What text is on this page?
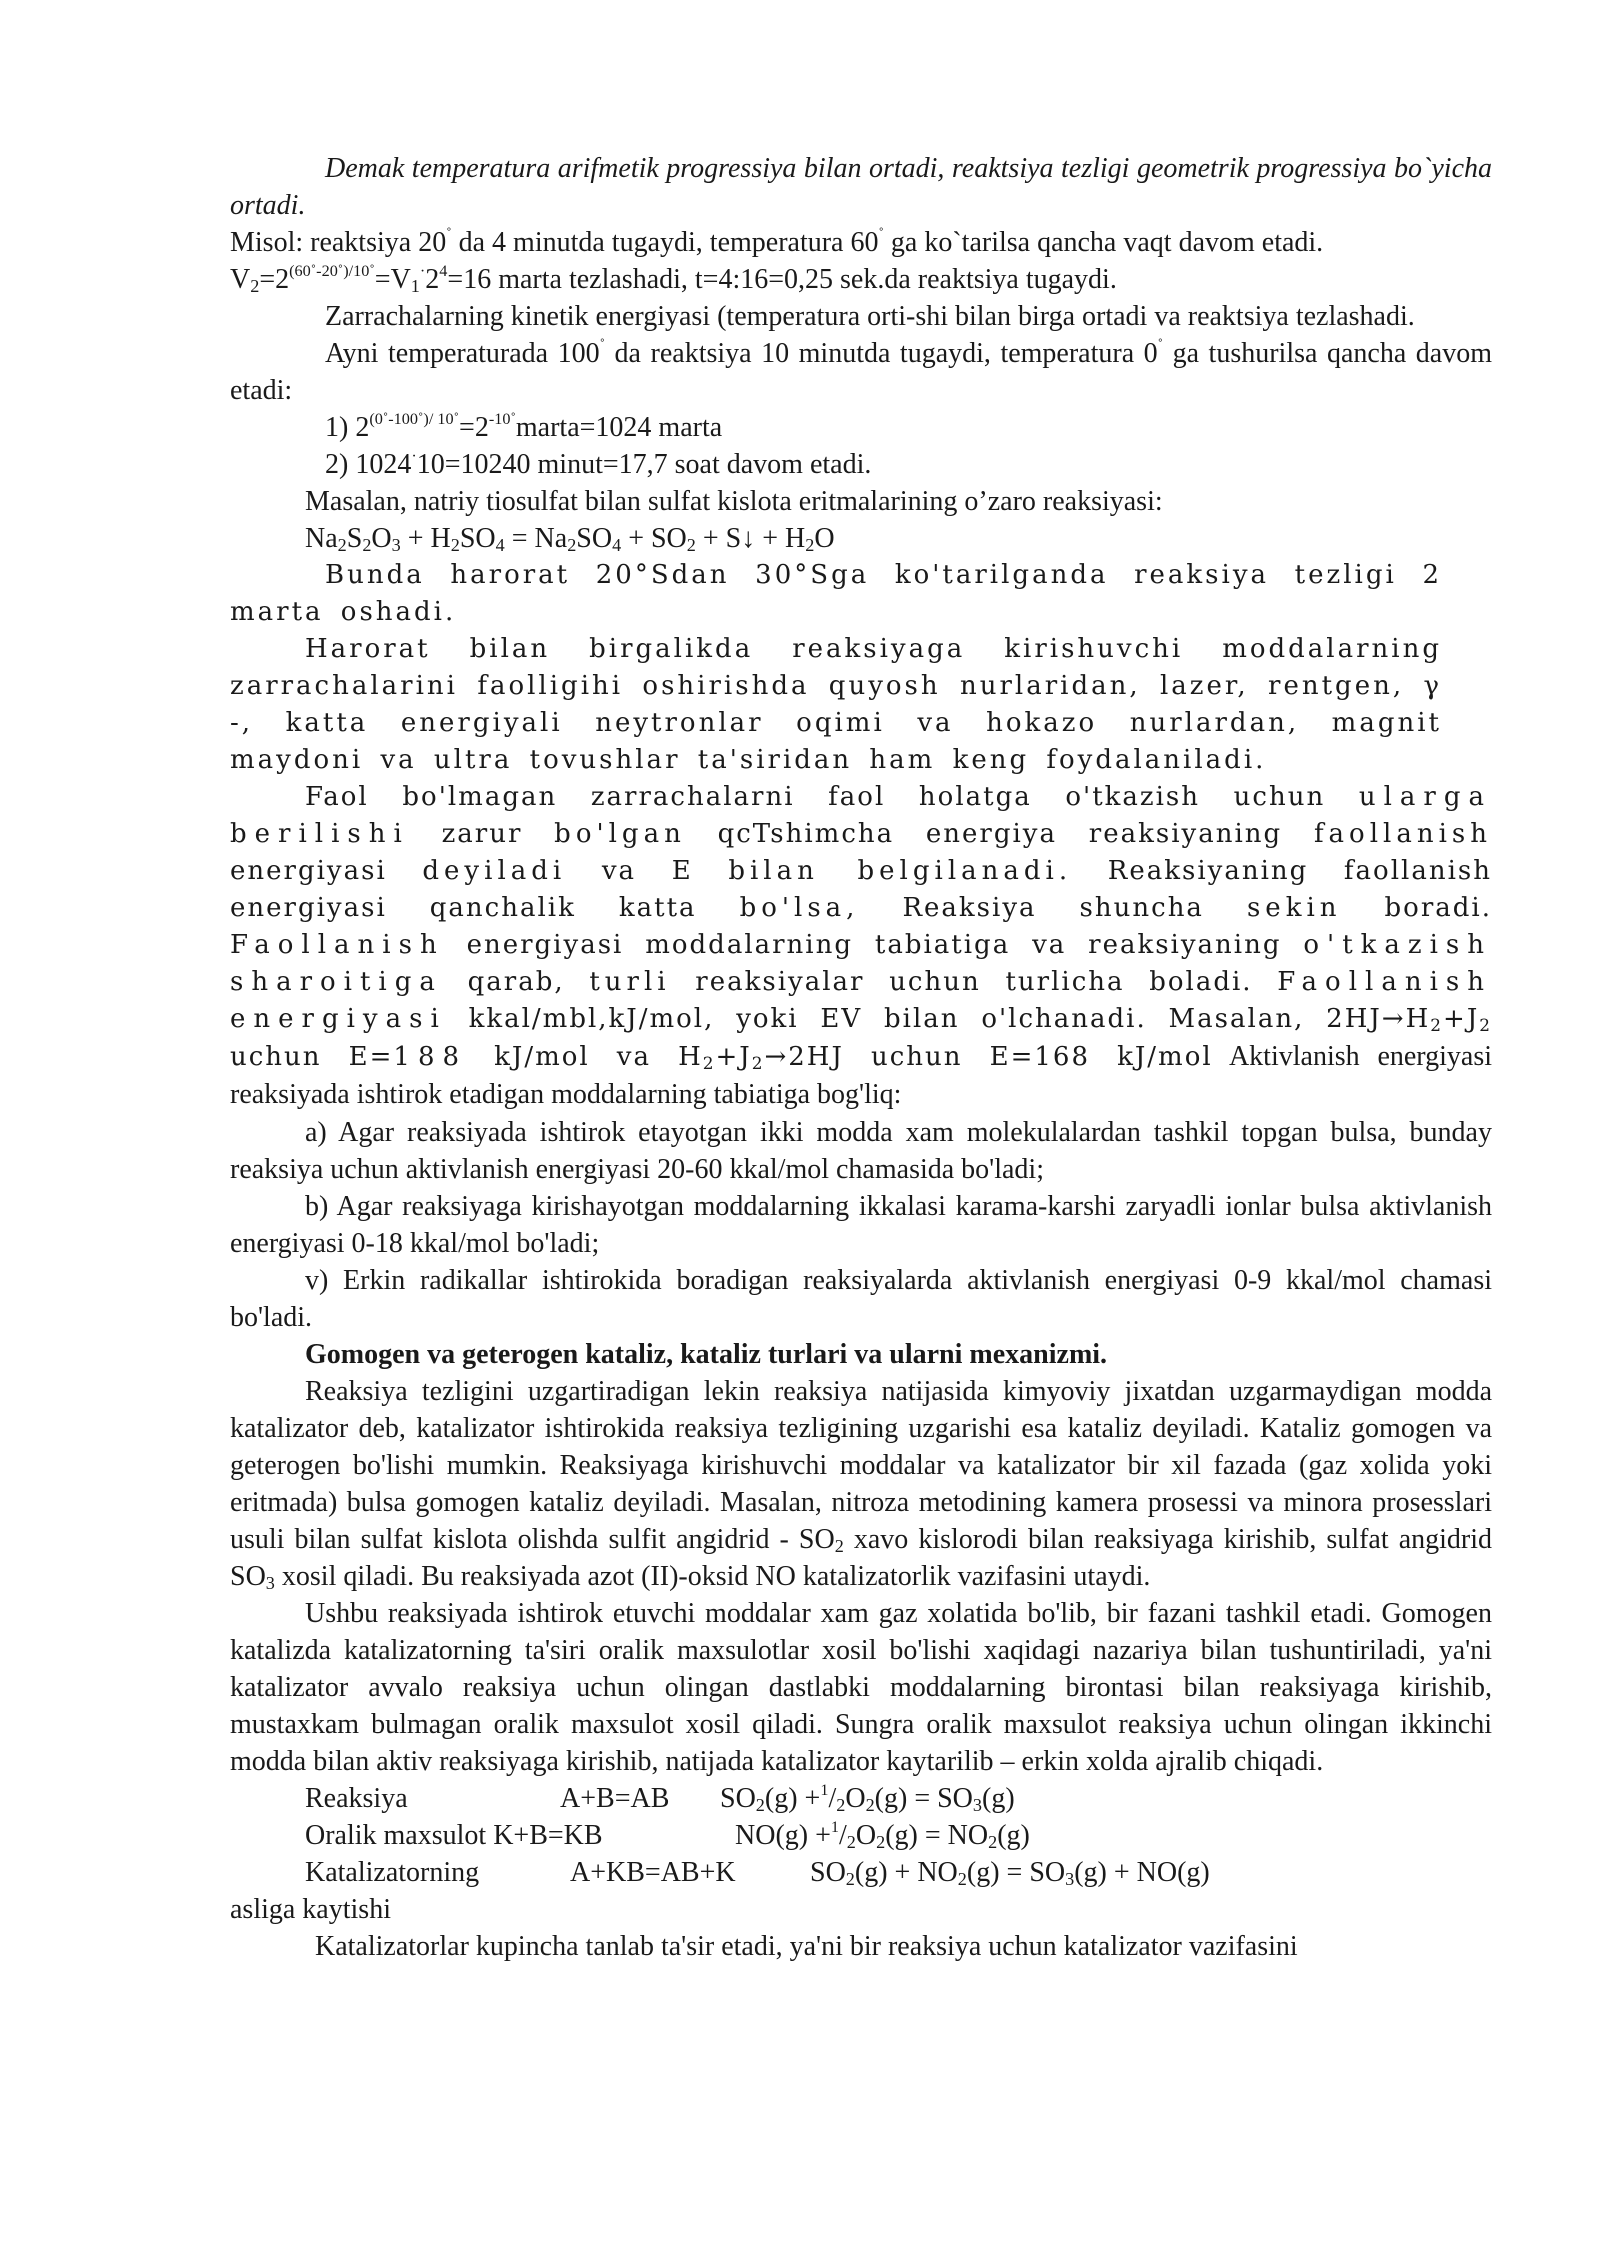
Demak temperatura arifmetik progressiya bilan ortadi, reaktsiya tezligi geometrik progressiya bo`yicha ortadi.

Misol: reaktsiya 20˚ da 4 minutda tugaydi, temperatura 60˚ ga ko`tarilsa qancha vaqt davom etadi.

$V_2=2^{(60˚-20˚)/10˚}=V_1^\cdot 2^4=16$ marta tezlashadi, t=4:16=0,25 sek.da reaktsiya tugaydi.

Zarrachalarning kinetik energiyasi (temperatura orti-shi bilan birga ortadi va reaktsiya tezlashadi.

Ayni temperaturada 100˚ da reaktsiya 10 minutda tugaydi, temperatura 0˚ ga tushurilsa qancha davom etadi:

1) $2^{(0˚-100˚)/ 10˚}=2^{-10˚}marta=1024$ marta

2) 1024·10=10240 minut=17,7 soat davom etadi.

Masalan, natriy tiosulfat bilan sulfat kislota eritmalarining o’zaro reaksiyasi:

$Na_2S_2O_3 + H_2SO_4 = Na_2SO_4 + SO_2$ + S↓ + $H_2O$

Bunda harorat 20°Sdan 30°Sga ko'tarilganda reaksiya tezligi 2 marta oshadi.

Harorat bilan birgalikda reaksiyaga kirishuvchi moddalarning zarrachalarini faolligihi oshirishda quyosh nurlaridan, lazer, rentgen, γ -, katta energiyali neytronlar oqimi va hokazo nurlardan, magnit maydoni va ultra tovushlar ta'siridan ham keng foydalaniladi.

Faol bo'lmagan zarrachalarni faol holatga o'tkazish uchun ularga berilishi zarur bo'lgan qcTshimcha energiya reaksiyaning faollanish energiyasi deyiladi va E bilan belgilanadi. Reaksiyaning faollanish energiyasi qanchalik katta bo'lsa, Reaksiya shuncha sekin boradi. Faollanish energiyasi moddalarning tabiatiga va reaksiyaning o'tkazish sharoitiga qarab, turli reaksiyalar uchun turlicha boladi. Faollanish energiyasi kkal/mbl,kJ/mol, yoki EV bilan o'lchanadi. Masalan, $2HJ\to H_2+J_2$ uchun E=188 kJ/mol va $H_2+J_2\to 2HJ$ uchun E=168 kJ/mol Aktivlanish energiyasi reaksiyada ishtirok etadigan moddalarning tabiatiga bog'liq:

a) Agar reaksiyada ishtirok etayotgan ikki modda xam molekulalardan tashkil topgan bulsa, bunday reaksiya uchun aktivlanish energiyasi 20-60 kkal/mol chamasida bo'ladi;

b) Agar reaksiyaga kirishayotgan moddalarning ikkalasi karama-karshi zaryadli ionlar bulsa aktivlanish energiyasi 0-18 kkal/mol bo'ladi;

v) Erkin radikallar ishtirokida boradigan reaksiyalarda aktivlanish energiyasi 0-9 kkal/mol chamasi bo'ladi.

Gomogen va geterogen kataliz, kataliz turlari va ularni mexanizmi.

Reaksiya tezligini uzgartiradigan lekin reaksiya natijasida kimyoviy jixatdan uzgarmaydigan modda katalizator deb, katalizator ishtirokida reaksiya tezligining uzgarishi esa kataliz deyiladi. Kataliz gomogen va geterogen bo'lishi mumkin. Reaksiyaga kirishuvchi moddalar va katalizator bir xil fazada (gaz xolida yoki eritmada) bulsa gomogen kataliz deyiladi. Masalan, nitroza metodining kamera prosessi va minora prosesslari usuli bilan sulfat kislota olishda sulfit angidrid - $SO_2$ xavo kislorodi bilan reaksiyaga kirishib, sulfat angidrid $SO_3$ xosil qiladi. Bu reaksiyada azot (II)-oksid NO katalizatorlik vazifasini utaydi.

Ushbu reaksiyada ishtirok etuvchi moddalar xam gaz xolatida bo'lib, bir fazani tashkil etadi. Gomogen katalizda katalizatorning ta'siri oralik maxsulotlar xosil bo'lishi xaqidagi nazariya bilan tushuntiriladi, ya'ni katalizator avvalo reaksiya uchun olingan dastlabki moddalarning birontasi bilan reaksiyaga kirishib, mustaxkam bulmagan oralik maxsulot xosil qiladi. Sungra oralik maxsulot reaksiya uchun olingan ikkinchi modda bilan aktiv reaksiyaga kirishib, natijada katalizator kaytarilib – erkin xolda ajralib chiqadi.

Reaksiya	A+B=AB	$SO_2(g) +^1/_2O_2(g) = SO_3(g)$
Oralik maxsulot K+B=KB	$NO(g) +^1/_2O_2(g) = NO_2(g)$
Katalizatorning	A+KB=AB+K	$SO_2(g) + NO_2(g) = SO_3(g) + NO(g)$

asliga kaytishi

Katalizatorlar kupincha tanlab ta'sir etadi, ya'ni bir reaksiya uchun katalizator vazifasini
